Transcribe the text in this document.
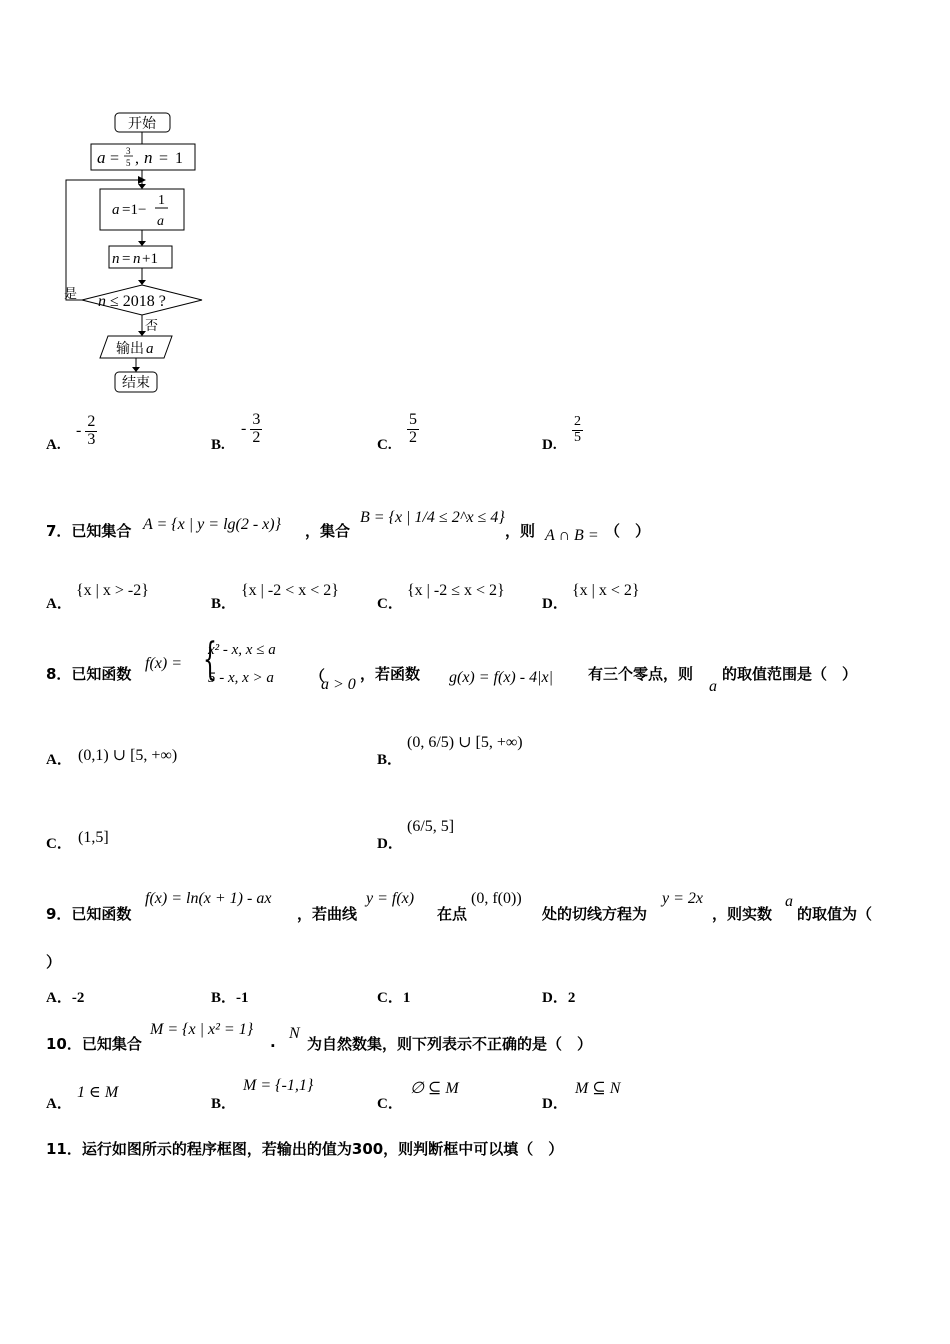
开始
a = 3
5 , n = 1
a =1−
1
a
n = n +1
n ≤ 2018 ?
是
否
输出 a
结束
A.
- $\frac{2}{3}$	B.
- $\frac{3}{2}$	C. $\frac{5}{2}$	D. $\frac{2}{5}$
7．已知集合 A = {x | y = lg(2 - x)} ，集合
B = {x | 1/4 ≤ 2^x ≤ 4}
，则 A ∩ B = （　）
A．
{x | x > -2}
B．
{x | -2 < x < 2}
C．
{x | -2 ≤ x < 2}
D．
{x | x < 2}
8．已知函数
f(x) = {
x² - x, x ≤ a
5 - x, x > a （
a > 0
，若函数 g(x) = f(x) - 4|x| 有三个零点，则
a
的取值范围是（　）
A． (0,1) ∪ [5, +∞)	B．
(0, 6/5) ∪ [5, +∞)
C． (1,5]	D．
(6/5, 5]
9．已知函数
f(x) = ln(x + 1) - ax
，若曲线
y = f(x)
在点
(0, f(0))
处的切线方程为
y = 2x
，则实数
a
的取值为（
）
A．-2	B．-1	C．1	D．2
10．已知集合
M = {x | x² = 1}
. N
为自然数集，则下列表示不正确的是（　）
A．
1 ∈ M
B．
M = {-1,1}
C．
∅ ⊆ M
D．
M ⊆ N
11．运行如图所示的程序框图，若输出的值为300，则判断框中可以填（　）
